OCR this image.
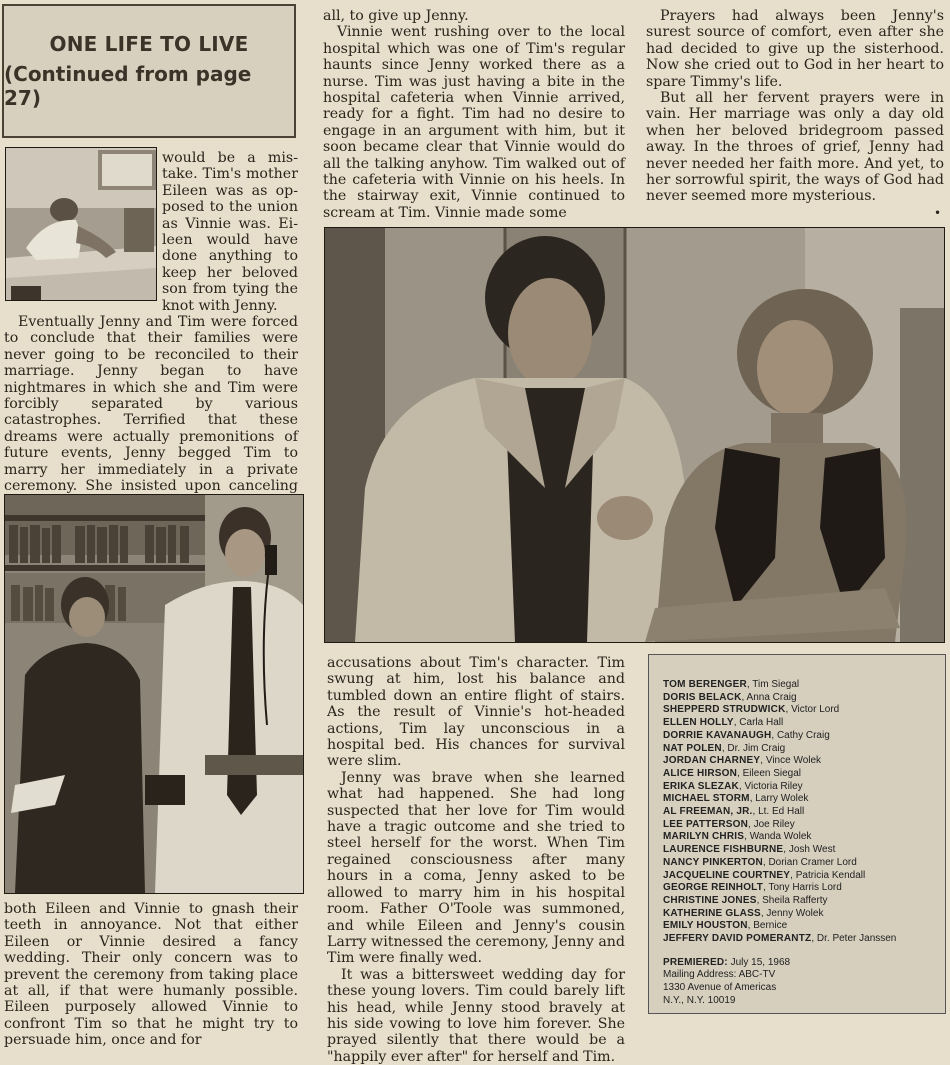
ONE LIFE TO LIVE
(Continued from page 27)

would be a mis-

take. Tim's mother

Eileen was as op-

posed to the union

as Vinnie was. Ei-

leen would have

done anything to

keep her beloved

son from tying the

knot with Jenny.

Eventually Jenny and Tim were forced to conclude that their families were never going to be reconciled to their marriage. Jenny began to have nightmares in which she and Tim were forcibly separated by various catastrophes. Terrified that these dreams were actually premonitions of future events, Jenny begged Tim to marry her immediately in a private ceremony. She insisted upon canceling

both Eileen and Vinnie to gnash their teeth in annoyance. Not that either Eileen or Vinnie desired a fancy wedding. Their only concern was to prevent the ceremony from taking place at all, if that were humanly possible. Eileen purposely allowed Vinnie to confront Tim so that he might try to persuade him, once and for

all, to give up Jenny.

Vinnie went rushing over to the local hospital which was one of Tim's regular haunts since Jenny worked there as a nurse. Tim was just having a bite in the hospital cafeteria when Vinnie arrived, ready for a fight. Tim had no desire to engage in an argument with him, but it soon became clear that Vinnie would do all the talking anyhow. Tim walked out of the cafeteria with Vinnie on his heels. In the stairway exit, Vinnie continued to scream at Tim. Vinnie made some

Prayers had always been Jenny's surest source of comfort, even after she had decided to give up the sisterhood. Now she cried out to God in her heart to spare Timmy's life.

But all her fervent prayers were in vain. Her marriage was only a day old when her beloved bridegroom passed away. In the throes of grief, Jenny had never needed her faith more. And yet, to her sorrowful spirit, the ways of God had never seemed more mysterious.

•

accusations about Tim's character. Tim swung at him, lost his balance and tumbled down an entire flight of stairs. As the result of Vinnie's hot-headed actions, Tim lay unconscious in a hospital bed. His chances for survival were slim.

Jenny was brave when she learned what had happened. She had long suspected that her love for Tim would have a tragic outcome and she tried to steel herself for the worst. When Tim regained consciousness after many hours in a coma, Jenny asked to be allowed to marry him in his hospital room. Father O'Toole was summoned, and while Eileen and Jenny's cousin Larry witnessed the ceremony, Jenny and Tim were finally wed.

It was a bittersweet wedding day for these young lovers. Tim could barely lift his head, while Jenny stood bravely at his side vowing to love him forever. She prayed silently that there would be a "happily ever after" for herself and Tim.

TOM BERENGER, Tim Siegal
DORIS BELACK, Anna Craig
SHEPPERD STRUDWICK, Victor Lord
ELLEN HOLLY, Carla Hall
DORRIE KAVANAUGH, Cathy Craig
NAT POLEN, Dr. Jim Craig
JORDAN CHARNEY, Vince Wolek
ALICE HIRSON, Eileen Siegal
ERIKA SLEZAK, Victoria Riley
MICHAEL STORM, Larry Wolek
AL FREEMAN, JR., Lt. Ed Hall
LEE PATTERSON, Joe Riley
MARILYN CHRIS, Wanda Wolek
LAURENCE FISHBURNE, Josh West
NANCY PINKERTON, Dorian Cramer Lord
JACQUELINE COURTNEY, Patricia Kendall
GEORGE REINHOLT, Tony Harris Lord
CHRISTINE JONES, Sheila Rafferty
KATHERINE GLASS, Jenny Wolek
EMILY HOUSTON, Bernice
JEFFERY DAVID POMERANTZ, Dr. Peter Janssen
PREMIERED: July 15, 1968
Mailing Address: ABC-TV
1330 Avenue of Americas
N.Y., N.Y. 10019
